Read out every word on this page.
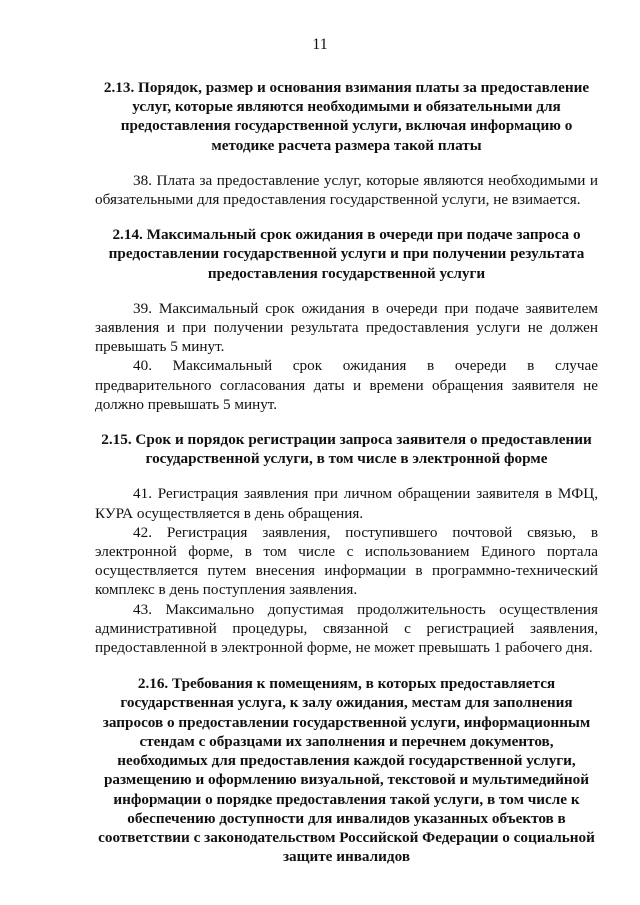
11

2.13. Порядок, размер и основания взимания платы за предоставление услуг, которые являются необходимыми и обязательными для предоставления государственной услуги, включая информацию о методике расчета размера такой платы

38. Плата за предоставление услуг, которые являются необходимыми и обязательными для предоставления государственной услуги, не взимается.

2.14. Максимальный срок ожидания в очереди при подаче запроса о предоставлении государственной услуги и при получении результата предоставления государственной услуги

39. Максимальный срок ожидания в очереди при подаче заявителем заявления и при получении результата предоставления услуги не должен превышать 5 минут.

40. Максимальный срок ожидания в очереди в случае предварительного согласования даты и времени обращения заявителя не должно превышать 5 минут.

2.15. Срок и порядок регистрации запроса заявителя о предоставлении государственной услуги, в том числе в электронной форме

41. Регистрация заявления при личном обращении заявителя в МФЦ, КУРА осуществляется в день обращения.

42. Регистрация заявления, поступившего почтовой связью, в электронной форме, в том числе с использованием Единого портала осуществляется путем внесения информации в программно-технический комплекс в день поступления заявления.

43. Максимально допустимая продолжительность осуществления административной процедуры, связанной с регистрацией заявления, предоставленной в электронной форме, не может превышать 1 рабочего дня.

2.16. Требования к помещениям, в которых предоставляется государственная услуга, к залу ожидания, местам для заполнения запросов о предоставлении государственной услуги, информационным стендам с образцами их заполнения и перечнем документов, необходимых для предоставления каждой государственной услуги, размещению и оформлению визуальной, текстовой и мультимедийной информации о порядке предоставления такой услуги, в том числе к обеспечению доступности для инвалидов указанных объектов в соответствии с законодательством Российской Федерации о социальной защите инвалидов
